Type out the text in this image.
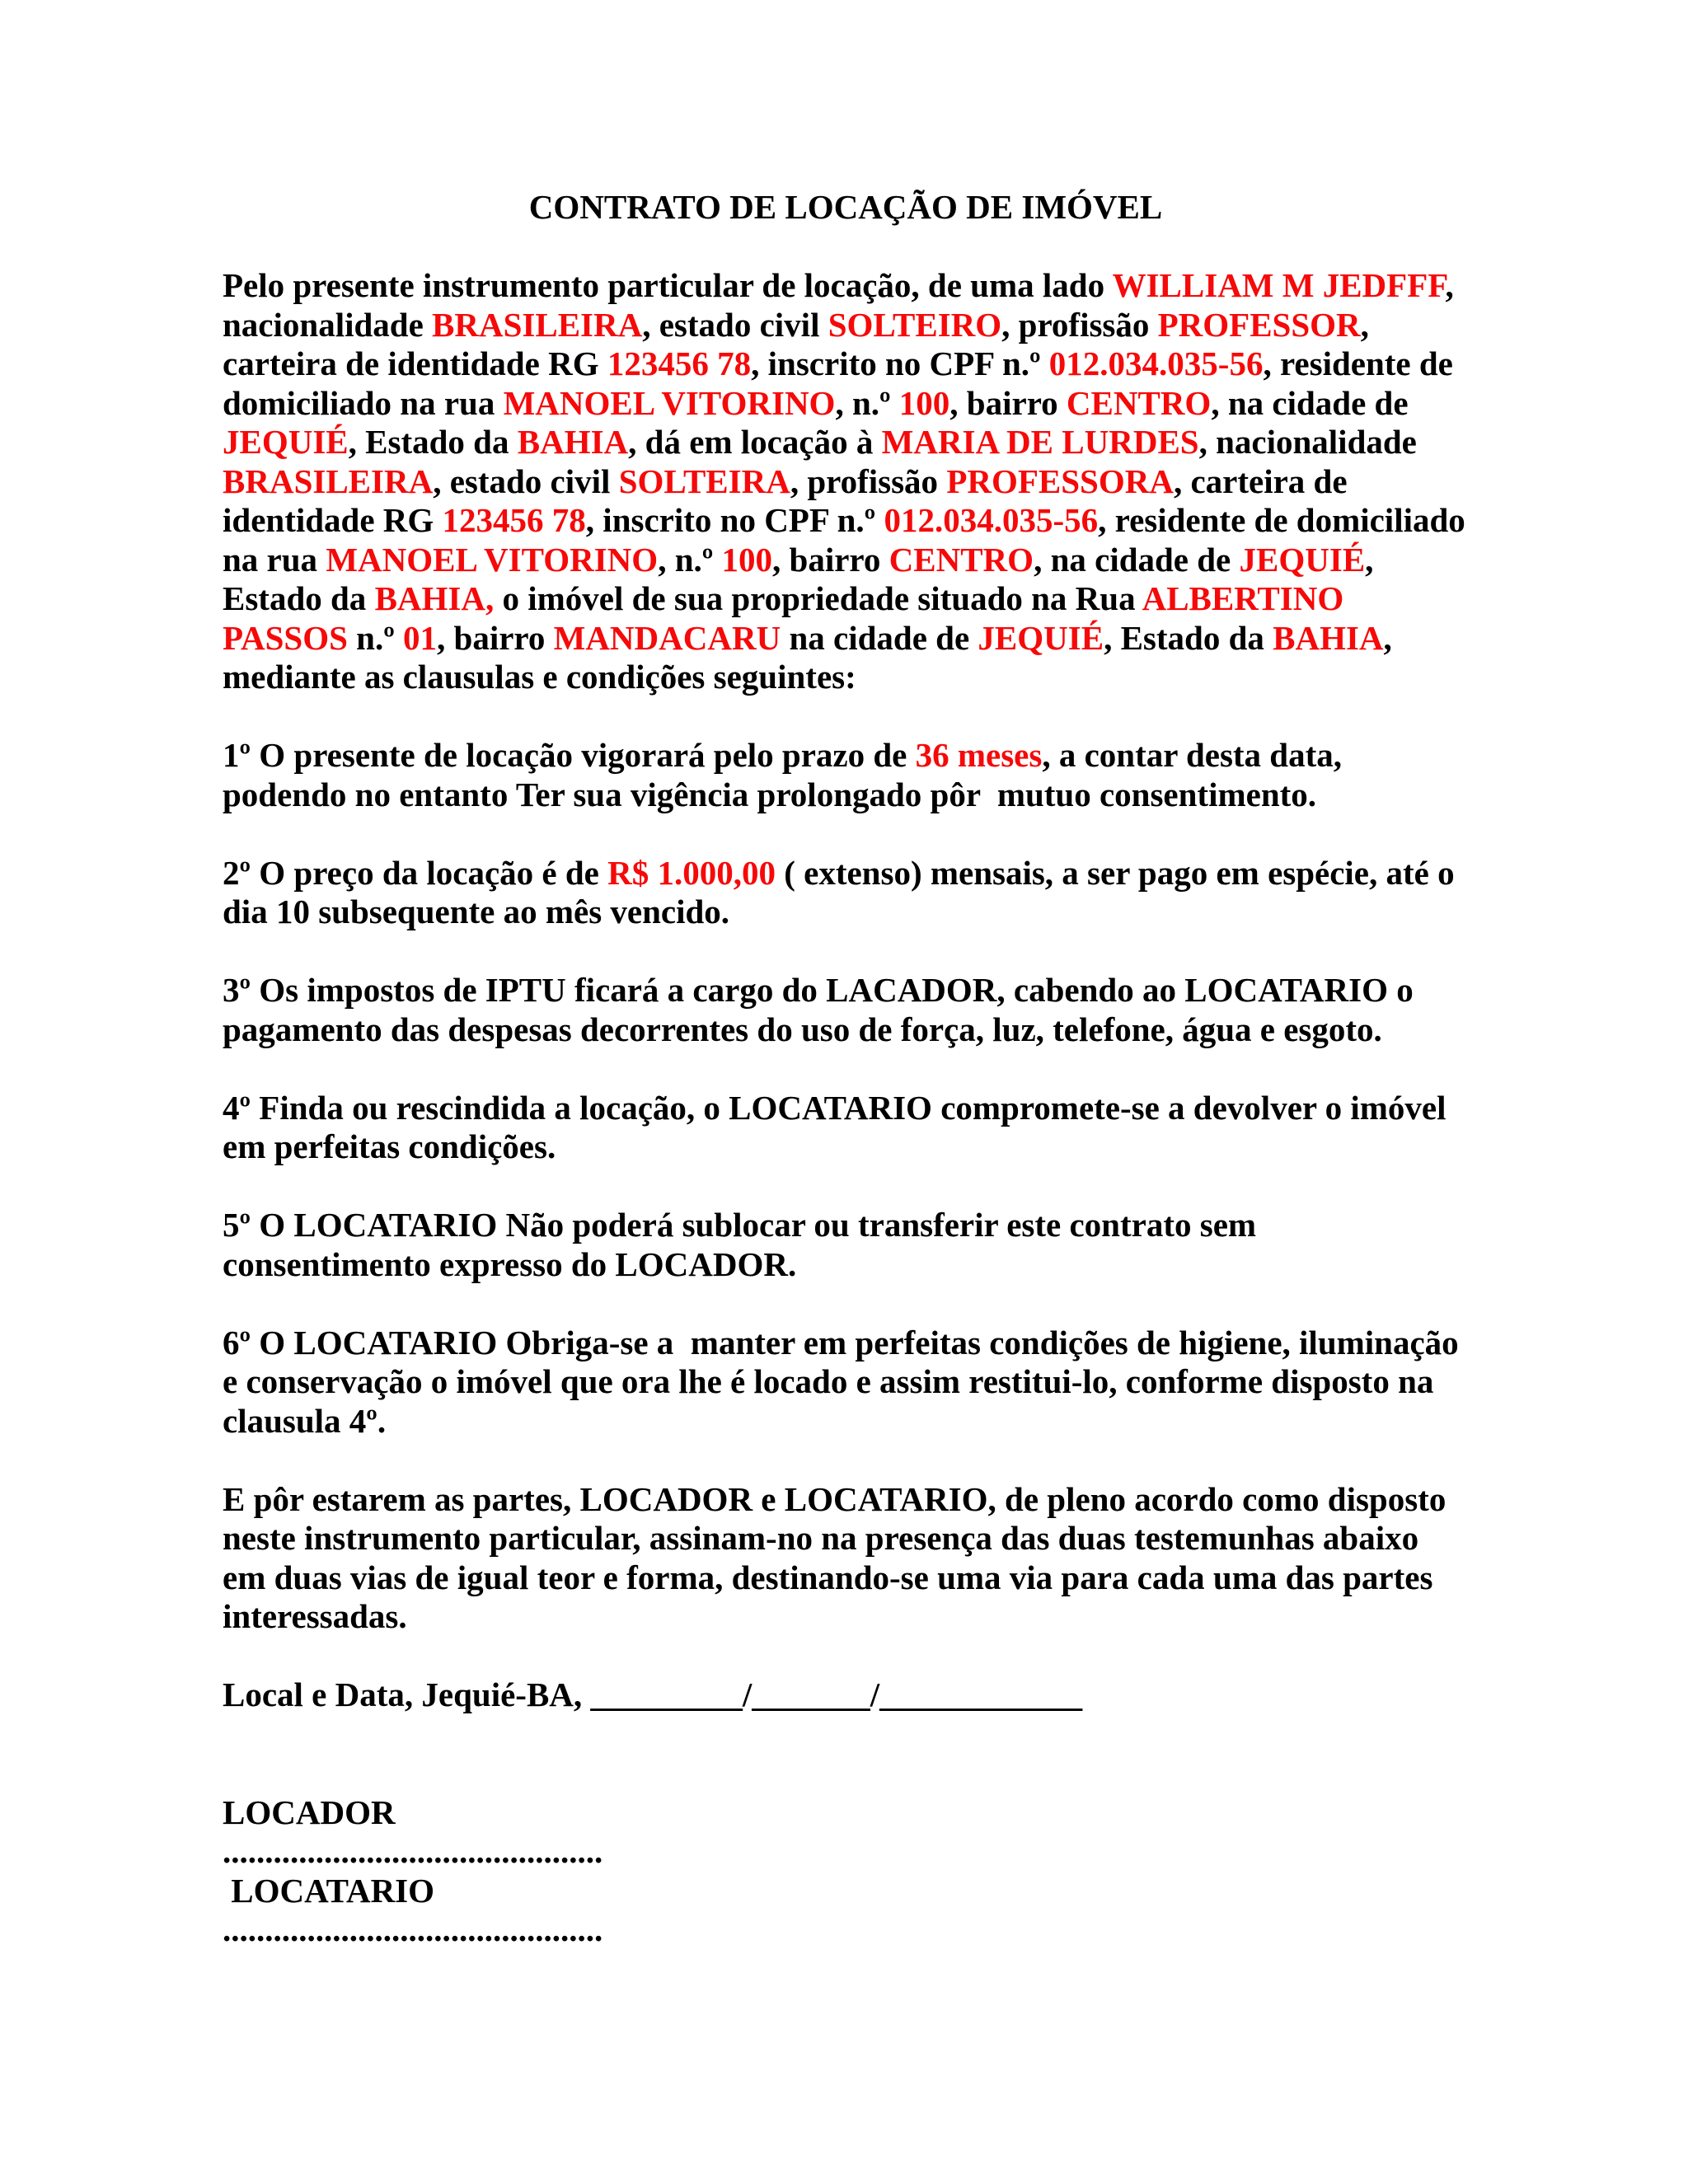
CONTRATO DE LOCAÇÃO DE IMÓVEL

Pelo presente instrumento particular de locação, de uma lado WILLIAM M JEDFFF, nacionalidade BRASILEIRA, estado civil SOLTEIRO, profissão PROFESSOR, carteira de identidade RG 123456 78, inscrito no CPF n.º 012.034.035-56, residente de domiciliado na rua MANOEL VITORINO, n.º 100, bairro CENTRO, na cidade de JEQUIÉ, Estado da BAHIA, dá em locação à MARIA DE LURDES, nacionalidade BRASILEIRA, estado civil SOLTEIRA, profissão PROFESSORA, carteira de identidade RG 123456 78, inscrito no CPF n.º 012.034.035-56, residente de domiciliado na rua MANOEL VITORINO, n.º 100, bairro CENTRO, na cidade de JEQUIÉ, Estado da BAHIA, o imóvel de sua propriedade situado na Rua ALBERTINO PASSOS n.º 01, bairro MANDACARU na cidade de JEQUIÉ, Estado da BAHIA, mediante as clausulas e condições seguintes:

1º O presente de locação vigorará pelo prazo de 36 meses, a contar desta data, podendo no entanto Ter sua vigência prolongado pôr  mutuo consentimento.

2º O preço da locação é de R$ 1.000,00 ( extenso) mensais, a ser pago em espécie, até o dia 10 subsequente ao mês vencido.

3º Os impostos de IPTU ficará a cargo do LACADOR, cabendo ao LOCATARIO o pagamento das despesas decorrentes do uso de força, luz, telefone, água e esgoto.

4º Finda ou rescindida a locação, o LOCATARIO compromete-se a devolver o imóvel em perfeitas condições.

5º O LOCATARIO Não poderá sublocar ou transferir este contrato sem consentimento expresso do LOCADOR.

6º O LOCATARIO Obriga-se a  manter em perfeitas condições de higiene, iluminação e conservação o imóvel que ora lhe é locado e assim restitui-lo, conforme disposto na clausula 4º.

E pôr estarem as partes, LOCADOR e LOCATARIO, de pleno acordo como disposto neste instrumento particular, assinam-no na presença das duas testemunhas abaixo em duas vias de igual teor e forma, destinando-se uma via para cada uma das partes interessadas.

Local e Data, Jequié-BA, _________/_______/____________

LOCADOR
.............................................
LOCATARIO
.............................................
